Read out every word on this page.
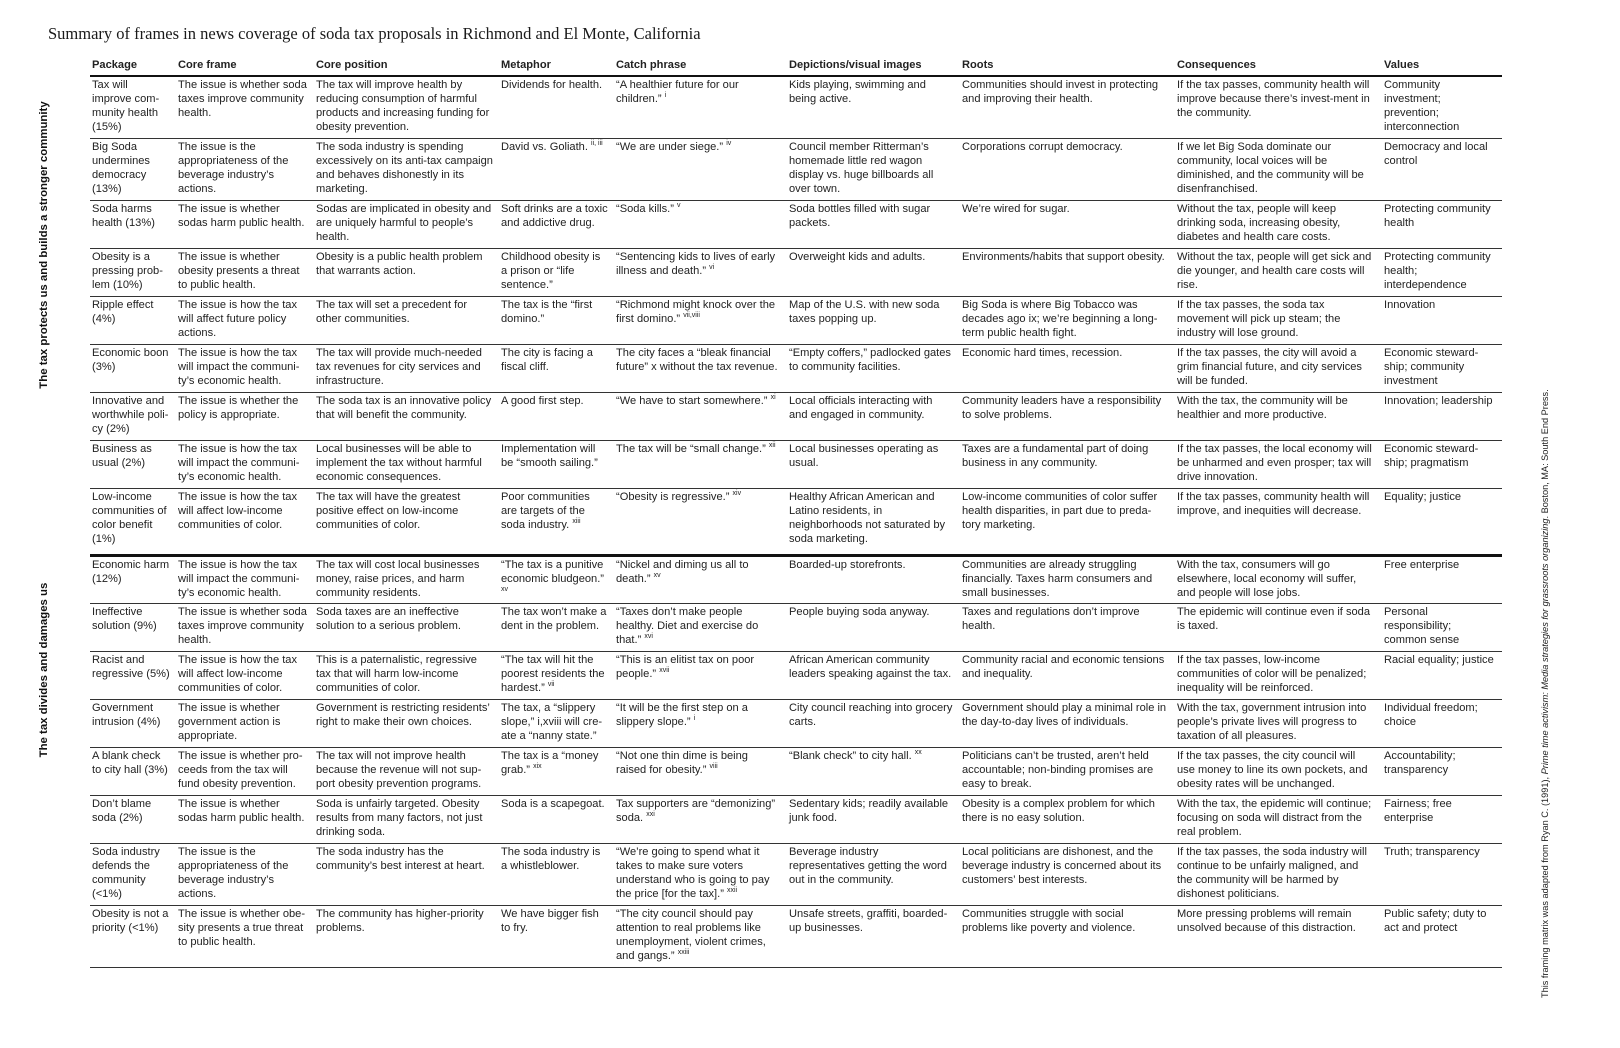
Summary of frames in news coverage of soda tax proposals in Richmond and El Monte, California
The tax protects us and builds a stronger community
The tax divides and damages us
This framing matrix was adapted from Ryan C. (1991), Prime time activism: Media strategies for grassroots organizing. Boston, MA: South End Press.
Package	Core frame	Core position	Metaphor	Catch phrase	Depictions/visual images	Roots	Consequences	Values
Tax will improve com-munity health (15%)	The issue is whether soda taxes improve community health.	The tax will improve health by reducing consumption of harmful products and increasing funding for obesity prevention.	Dividends for health.	“A healthier future for our children.” $^i$	Kids playing, swimming and being active.	Communities should invest in protecting and improving their health.	If the tax passes, community health will improve because there’s invest-ment in the community.	Community investment; prevention; interconnection
Big Soda undermines democracy (13%)	The issue is the appropriateness of the beverage industry’s actions.	The soda industry is spending excessively on its anti-tax campaign and behaves dishonestly in its marketing.	David vs. Goliath. $^{ii, iii}$	“We are under siege.” $^{iv}$	Council member Ritterman’s homemade little red wagon display vs. huge billboards all over town.	Corporations corrupt democracy.	If we let Big Soda dominate our community, local voices will be diminished, and the community will be disenfranchised.	Democracy and local control
Soda harms health (13%)	The issue is whether sodas harm public health.	Sodas are implicated in obesity and are uniquely harmful to people’s health.	Soft drinks are a toxic and addictive drug.	“Soda kills.” $^v$	Soda bottles filled with sugar packets.	We’re wired for sugar.	Without the tax, people will keep drinking soda, increasing obesity, diabetes and health care costs.	Protecting community health
Obesity is a pressing prob-lem (10%)	The issue is whether obesity presents a threat to public health.	Obesity is a public health problem that warrants action.	Childhood obesity is a prison or “life sentence.”	“Sentencing kids to lives of early illness and death.” $^{vi}$	Overweight kids and adults.	Environments/habits that support obesity.	Without the tax, people will get sick and die younger, and health care costs will rise.	Protecting community health; interdependence
Ripple effect (4%)	The issue is how the tax will affect future policy actions.	The tax will set a precedent for other communities.	The tax is the “first domino.”	“Richmond might knock over the first domino.” $^{vii,viii}$	Map of the U.S. with new soda taxes popping up.	Big Soda is where Big Tobacco was decades ago ix; we’re beginning a long-term public health fight.	If the tax passes, the soda tax movement will pick up steam; the industry will lose ground.	Innovation
Economic boon (3%)	The issue is how the tax will impact the communi-ty’s economic health.	The tax will provide much-needed tax revenues for city services and infrastructure.	The city is facing a fiscal cliff.	The city faces a “bleak financial future” x without the tax revenue.	“Empty coffers,” padlocked gates to community facilities.	Economic hard times, recession.	If the tax passes, the city will avoid a grim financial future, and city services will be funded.	Economic steward-ship; community investment
Innovative and worthwhile poli-cy (2%)	The issue is whether the policy is appropriate.	The soda tax is an innovative policy that will benefit the community.	A good first step.	“We have to start somewhere.” $^{xi}$	Local officials interacting with and engaged in community.	Community leaders have a responsibility to solve problems.	With the tax, the community will be healthier and more productive.	Innovation; leadership
Business as usual (2%)	The issue is how the tax will impact the communi-ty’s economic health.	Local businesses will be able to implement the tax without harmful economic consequences.	Implementation will be “smooth sailing.”	The tax will be “small change.” $^{xii}$	Local businesses operating as usual.	Taxes are a fundamental part of doing business in any community.	If the tax passes, the local economy will be unharmed and even prosper; tax will drive innovation.	Economic steward-ship; pragmatism
Low-income communities of color benefit (1%)	The issue is how the tax will affect low-income communities of color.	The tax will have the greatest positive effect on low-income communities of color.	Poor communities are targets of the soda industry. $^{xiii}$	“Obesity is regressive.” $^{xiv}$	Healthy African American and Latino residents, in neighborhoods not saturated by soda marketing.	Low-income communities of color suffer health disparities, in part due to preda-tory marketing.	If the tax passes, community health will improve, and inequities will decrease.	Equality; justice
Economic harm (12%)	The issue is how the tax will impact the communi-ty’s economic health.	The tax will cost local businesses money, raise prices, and harm community residents.	“The tax is a punitive economic bludgeon.” $^{xv}$	“Nickel and diming us all to death.” $^{xv}$	Boarded-up storefronts.	Communities are already struggling financially. Taxes harm consumers and small businesses.	With the tax, consumers will go elsewhere, local economy will suffer, and people will lose jobs.	Free enterprise
Ineffective solution (9%)	The issue is whether soda taxes improve community health.	Soda taxes are an ineffective solution to a serious problem.	The tax won’t make a dent in the problem.	“Taxes don’t make people healthy. Diet and exercise do that.” $^{xvi}$	People buying soda anyway.	Taxes and regulations don’t improve health.	The epidemic will continue even if soda is taxed.	Personal responsibility; common sense
Racist and regressive (5%)	The issue is how the tax will affect low-income communities of color.	This is a paternalistic, regressive tax that will harm low-income communities of color.	“The tax will hit the poorest residents the hardest.” $^{vii}$	“This is an elitist tax on poor people.” $^{xvii}$	African American community leaders speaking against the tax.	Community racial and economic tensions and inequality.	If the tax passes, low-income communities of color will be penalized; inequality will be reinforced.	Racial equality; justice
Government intrusion (4%)	The issue is whether government action is appropriate.	Government is restricting residents’ right to make their own choices.	The tax, a “slippery slope,” i,xviii will cre-ate a “nanny state.”	“It will be the first step on a slippery slope.” $^i$	City council reaching into grocery carts.	Government should play a minimal role in the day-to-day lives of individuals.	With the tax, government intrusion into people’s private lives will progress to taxation of all pleasures.	Individual freedom; choice
A blank check to city hall (3%)	The issue is whether pro-ceeds from the tax will fund obesity prevention.	The tax will not improve health because the revenue will not sup-port obesity prevention programs.	The tax is a “money grab.” $^{xix}$	“Not one thin dime is being raised for obesity.” $^{viii}$	“Blank check” to city hall. $^{xx}$	Politicians can’t be trusted, aren’t held accountable; non-binding promises are easy to break.	If the tax passes, the city council will use money to line its own pockets, and obesity rates will be unchanged.	Accountability; transparency
Don’t blame soda (2%)	The issue is whether sodas harm public health.	Soda is unfairly targeted. Obesity results from many factors, not just drinking soda.	Soda is a scapegoat.	Tax supporters are “demonizing” soda. $^{xxi}$	Sedentary kids; readily available junk food.	Obesity is a complex problem for which there is no easy solution.	With the tax, the epidemic will continue; focusing on soda will distract from the real problem.	Fairness; free enterprise
Soda industry defends the community (<1%)	The issue is the appropriateness of the beverage industry’s actions.	The soda industry has the community’s best interest at heart.	The soda industry is a whistleblower.	“We’re going to spend what it takes to make sure voters understand who is going to pay the price [for the tax].” $^{xxii}$	Beverage industry representatives getting the word out in the community.	Local politicians are dishonest, and the beverage industry is concerned about its customers’ best interests.	If the tax passes, the soda industry will continue to be unfairly maligned, and the community will be harmed by dishonest politicians.	Truth; transparency
Obesity is not a priority (<1%)	The issue is whether obe-sity presents a true threat to public health.	The community has higher-priority problems.	We have bigger fish to fry.	“The city council should pay attention to real problems like unemployment, violent crimes, and gangs.” $^{xxiii}$	Unsafe streets, graffiti, boarded-up businesses.	Communities struggle with social problems like poverty and violence.	More pressing problems will remain unsolved because of this distraction.	Public safety; duty to act and protect
